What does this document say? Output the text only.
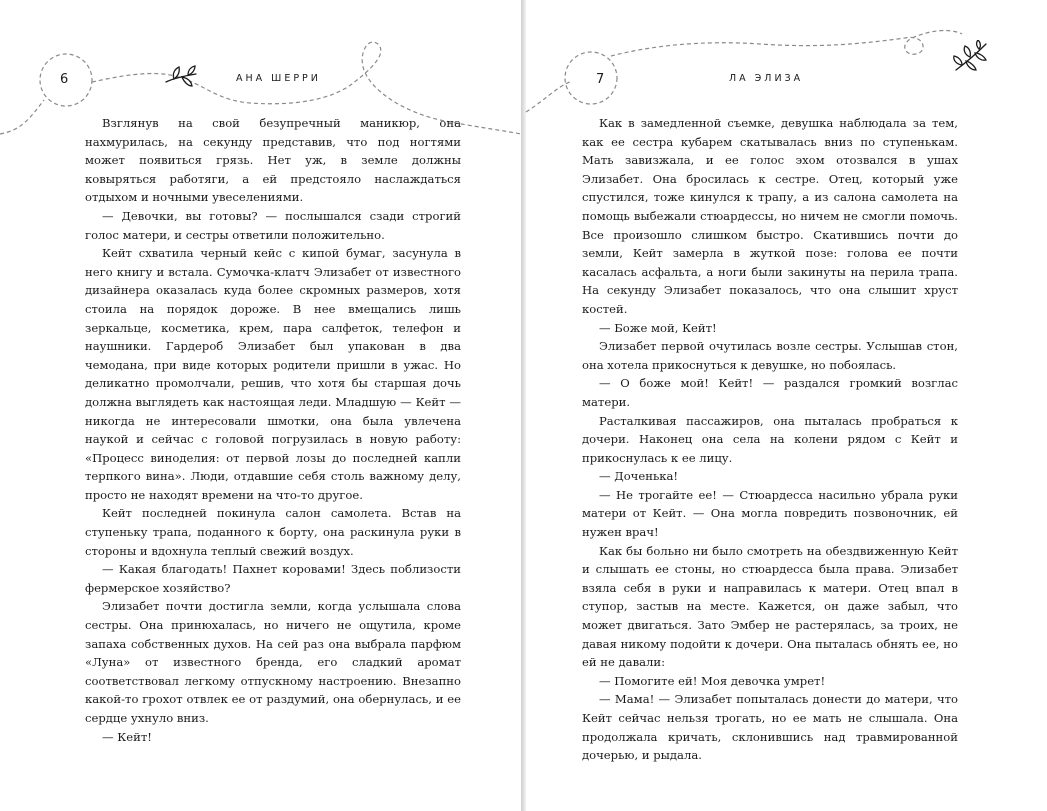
6	АНА ШЕРРИ	7	ЛА ЭЛИЗА

Взглянув на свой безупречный маникюр, она нахмурилась, на секунду представив, что под ногтями может появиться грязь. Нет уж, в земле должны ковыряться работяги, а ей предстояло наслаждаться отдыхом и ночными увеселениями.

— Девочки, вы готовы? — послышался сзади строгий голос матери, и сестры ответили положительно.

Кейт схватила черный кейс с кипой бумаг, засунула в него книгу и встала. Сумочка-клатч Элизабет от известного дизайнера оказалась куда более скромных размеров, хотя стоила на порядок дороже. В нее вмещались лишь зеркальце, косметика, крем, пара салфеток, телефон и наушники. Гардероб Элизабет был упакован в два чемодана, при виде которых родители пришли в ужас. Но деликатно промолчали, решив, что хотя бы старшая дочь должна выглядеть как настоящая леди. Младшую — Кейт — никогда не интересовали шмотки, она была увлечена наукой и сейчас с головой погрузилась в новую работу: «Процесс виноделия: от первой лозы до последней капли терпкого вина». Люди, отдавшие себя столь важному делу, просто не находят времени на что-то другое.

Кейт последней покинула салон самолета. Встав на ступеньку трапа, поданного к борту, она раскинула руки в стороны и вдохнула теплый свежий воздух.

— Какая благодать! Пахнет коровами! Здесь поблизости фермерское хозяйство?

Элизабет почти достигла земли, когда услышала слова сестры. Она принюхалась, но ничего не ощутила, кроме запаха собственных духов. На сей раз она выбрала парфюм «Луна» от известного бренда, его сладкий аромат соответствовал легкому отпускному настроению. Внезапно какой-то грохот отвлек ее от раздумий, она обернулась, и ее сердце ухнуло вниз.

— Кейт!

Как в замедленной съемке, девушка наблюдала за тем, как ее сестра кубарем скатывалась вниз по ступенькам. Мать завизжала, и ее голос эхом отозвался в ушах Элизабет. Она бросилась к сестре. Отец, который уже спустился, тоже кинулся к трапу, а из салона самолета на помощь выбежали стюардессы, но ничем не смогли помочь. Все произошло слишком быстро. Скатившись почти до земли, Кейт замерла в жуткой позе: голова ее почти касалась асфальта, а ноги были закинуты на перила трапа. На секунду Элизабет показалось, что она слышит хруст костей.

— Боже мой, Кейт!

Элизабет первой очутилась возле сестры. Услышав стон, она хотела прикоснуться к девушке, но побоялась.

— О боже мой! Кейт! — раздался громкий возглас матери.

Расталкивая пассажиров, она пыталась пробраться к дочери. Наконец она села на колени рядом с Кейт и прикоснулась к ее лицу.

— Доченька!

— Не трогайте ее! — Стюардесса насильно убрала руки матери от Кейт. — Она могла повредить позвоночник, ей нужен врач!

Как бы больно ни было смотреть на обездвиженную Кейт и слышать ее стоны, но стюардесса была права. Элизабет взяла себя в руки и направилась к матери. Отец впал в ступор, застыв на месте. Кажется, он даже забыл, что может двигаться. Зато Эмбер не растерялась, за троих, не давая никому подойти к дочери. Она пыталась обнять ее, но ей не давали:

— Помогите ей! Моя девочка умрет!

— Мама! — Элизабет попыталась донести до матери, что Кейт сейчас нельзя трогать, но ее мать не слышала. Она продолжала кричать, склонившись над травмированной дочерью, и рыдала.
